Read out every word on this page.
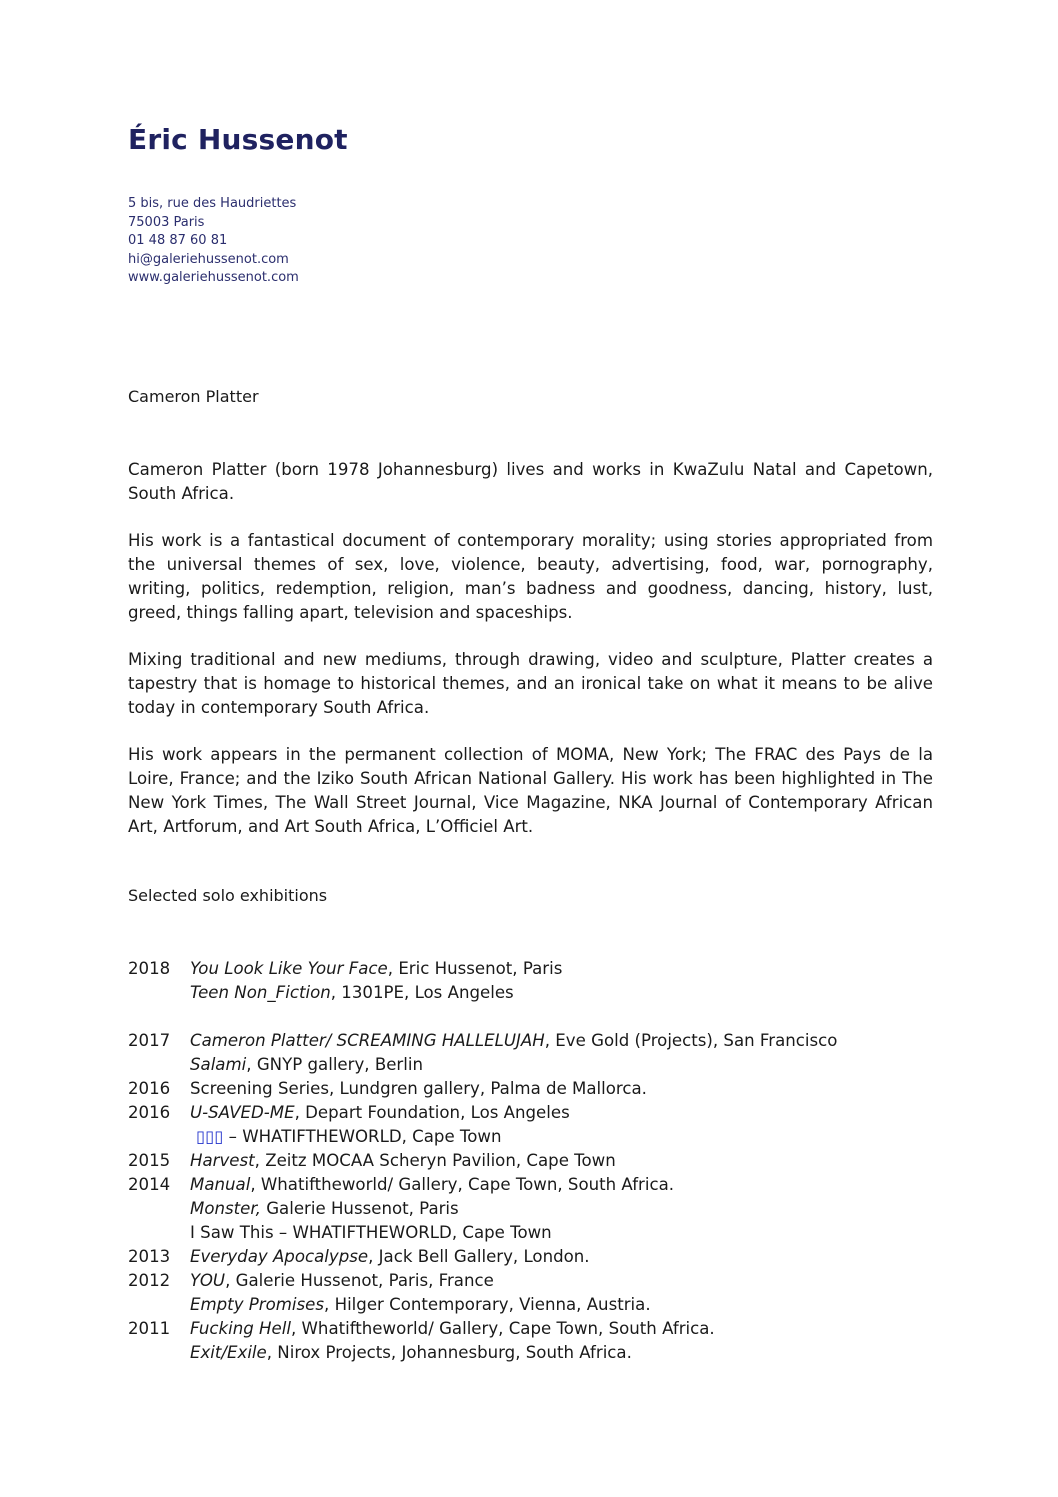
Éric Hussenot
5 bis, rue des Haudriettes
75003 Paris
01 48 87 60 81
hi@galeriehussenot.com
www.galeriehussenot.com
Cameron Platter

Cameron Platter (born 1978 Johannesburg) lives and works in KwaZulu Natal and Capetown, South Africa.

His work is a fantastical document of contemporary morality; using stories appropriated from the universal themes of sex, love, violence, beauty, advertising, food, war, pornography, writing, politics, redemption, religion, man’s badness and goodness, dancing, history, lust, greed, things falling apart, television and spaceships.

Mixing traditional and new mediums, through drawing, video and sculpture, Platter creates a tapestry that is homage to historical themes, and an ironical take on what it means to be alive today in contemporary South Africa.

His work appears in the permanent collection of MOMA, New York; The FRAC des Pays de la Loire, France; and the Iziko South African National Gallery. His work has been highlighted in The New York Times, The Wall Street Journal, Vice Magazine, NKA Journal of Contemporary African Art, Artforum, and Art South Africa, L’Officiel Art.

Selected solo exhibitions
2018	You Look Like Your Face, Eric Hussenot, Paris
Teen Non_Fiction, 1301PE, Los Angeles
2017	Cameron Platter/ SCREAMING HALLELUJAH, Eve Gold (Projects), San Francisco
Salami, GNYP gallery, Berlin
2016	Screening Series, Lundgren gallery, Palma de Mallorca.
2016	U-SAVED-ME, Depart Foundation, Los Angeles
▯▯▯ – WHATIFTHEWORLD, Cape Town
2015	Harvest, Zeitz MOCAA Scheryn Pavilion, Cape Town
2014	Manual, Whatiftheworld/ Gallery, Cape Town, South Africa.
Monster, Galerie Hussenot, Paris
I Saw This – WHATIFTHEWORLD, Cape Town
2013	Everyday Apocalypse, Jack Bell Gallery, London.
2012	YOU, Galerie Hussenot, Paris, France
Empty Promises, Hilger Contemporary, Vienna, Austria.
2011	Fucking Hell, Whatiftheworld/ Gallery, Cape Town, South Africa.
Exit/Exile, Nirox Projects, Johannesburg, South Africa.
